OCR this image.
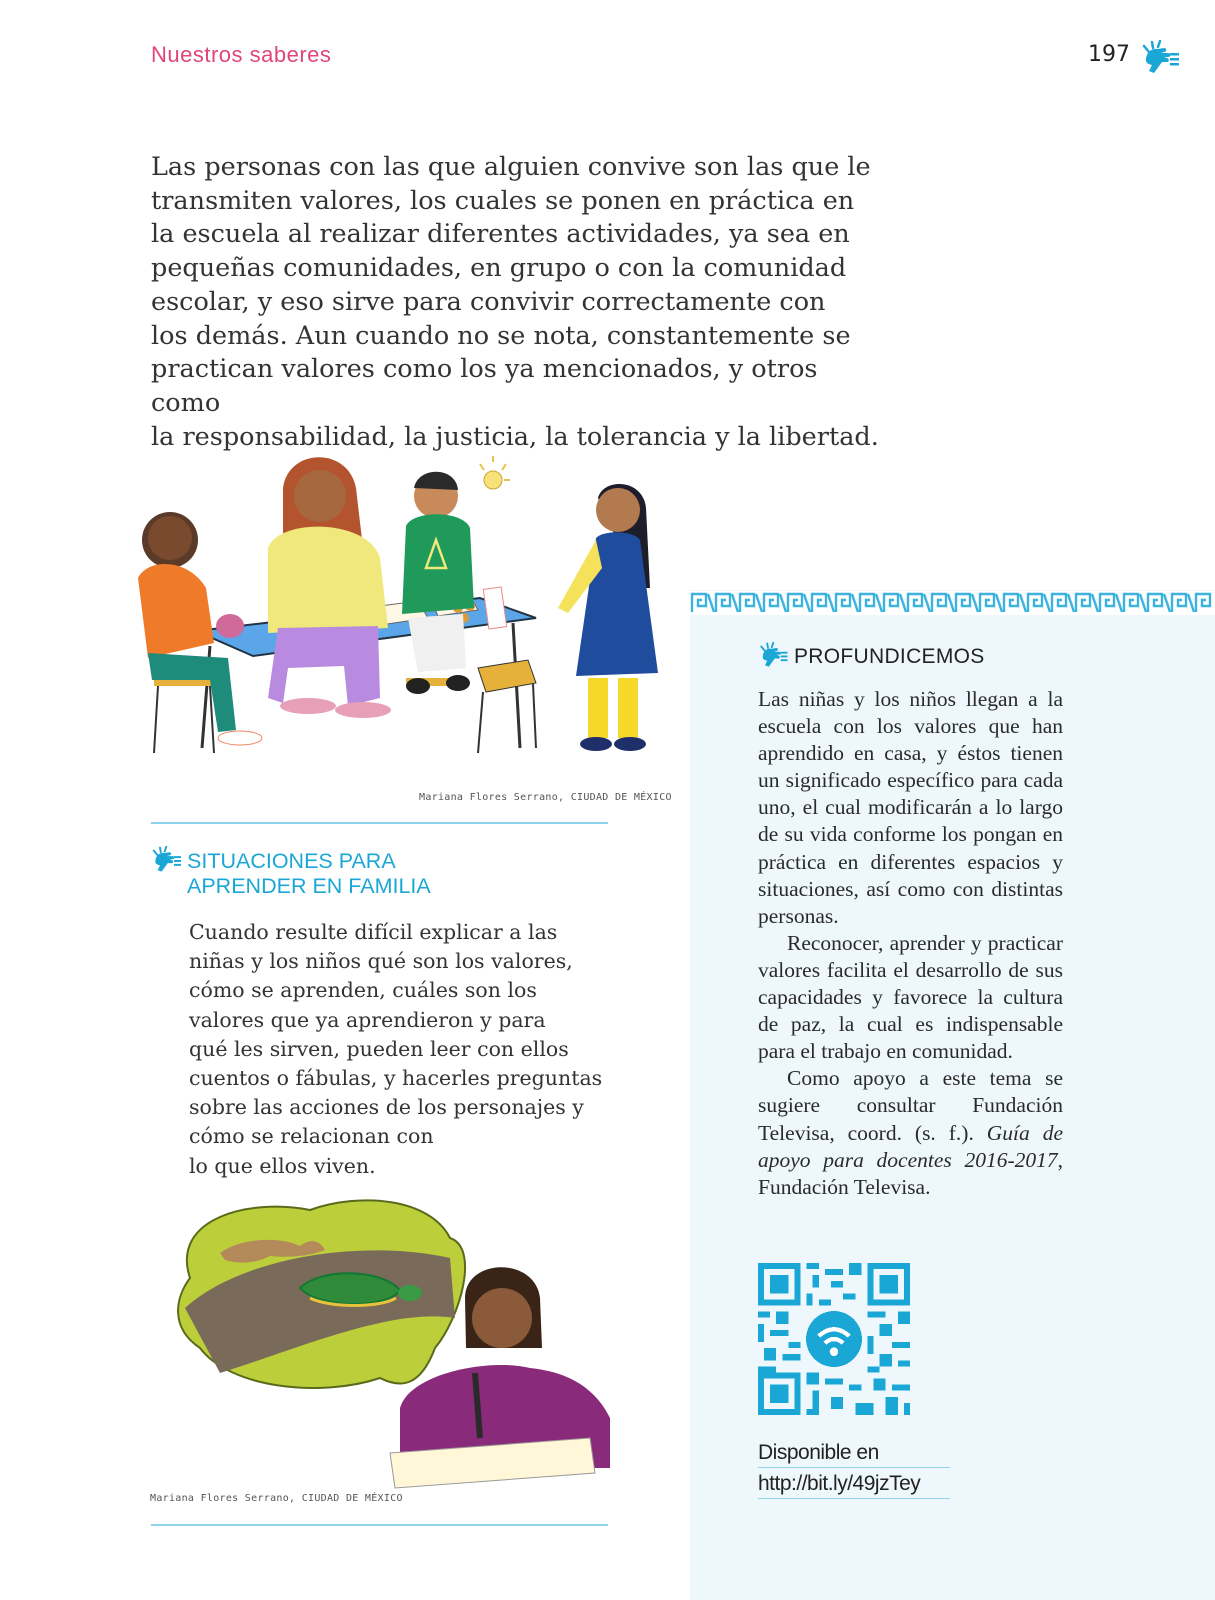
Nuestros saberes	197

Las personas con las que alguien convive son las que le

transmiten valores, los cuales se ponen en práctica en

la escuela al realizar diferentes actividades, ya sea en

pequeñas comunidades, en grupo o con la comunidad

escolar, y eso sirve para convivir correctamente con

los demás. Aun cuando no se nota, constantemente se

practican valores como los ya mencionados, y otros como

la responsabilidad, la justicia, la tolerancia y la libertad.

Mariana Flores Serrano, CIUDAD DE MÉXICO
SITUACIONES PARA
APRENDER EN FAMILIA

Cuando resulte difícil explicar a las

niñas y los niños qué son los valores,

cómo se aprenden, cuáles son los

valores que ya aprendieron y para

qué les sirven, pueden leer con ellos

cuentos o fábulas, y hacerles preguntas

sobre las acciones de los personajes y

cómo se relacionan con

lo que ellos viven.

Mariana Flores Serrano, CIUDAD DE MÉXICO
PROFUNDICEMOS

Las niñas y los niños llegan a la escuela con los valores que han aprendido en casa, y éstos tienen un significado específico para cada uno, el cual modificarán a lo largo de su vida conforme los pongan en práctica en diferentes espacios y situaciones, así como con distintas personas.

Reconocer, aprender y practicar valores facilita el desarrollo de sus capacidades y favorece la cultura de paz, la cual es indispensable para el trabajo en comunidad.

Como apoyo a este tema se sugiere consultar Fundación Televisa, coord. (s. f.). Guía de apoyo para docentes 2016-2017, Fundación Televisa.

Disponible en
http://bit.ly/49jzTey
